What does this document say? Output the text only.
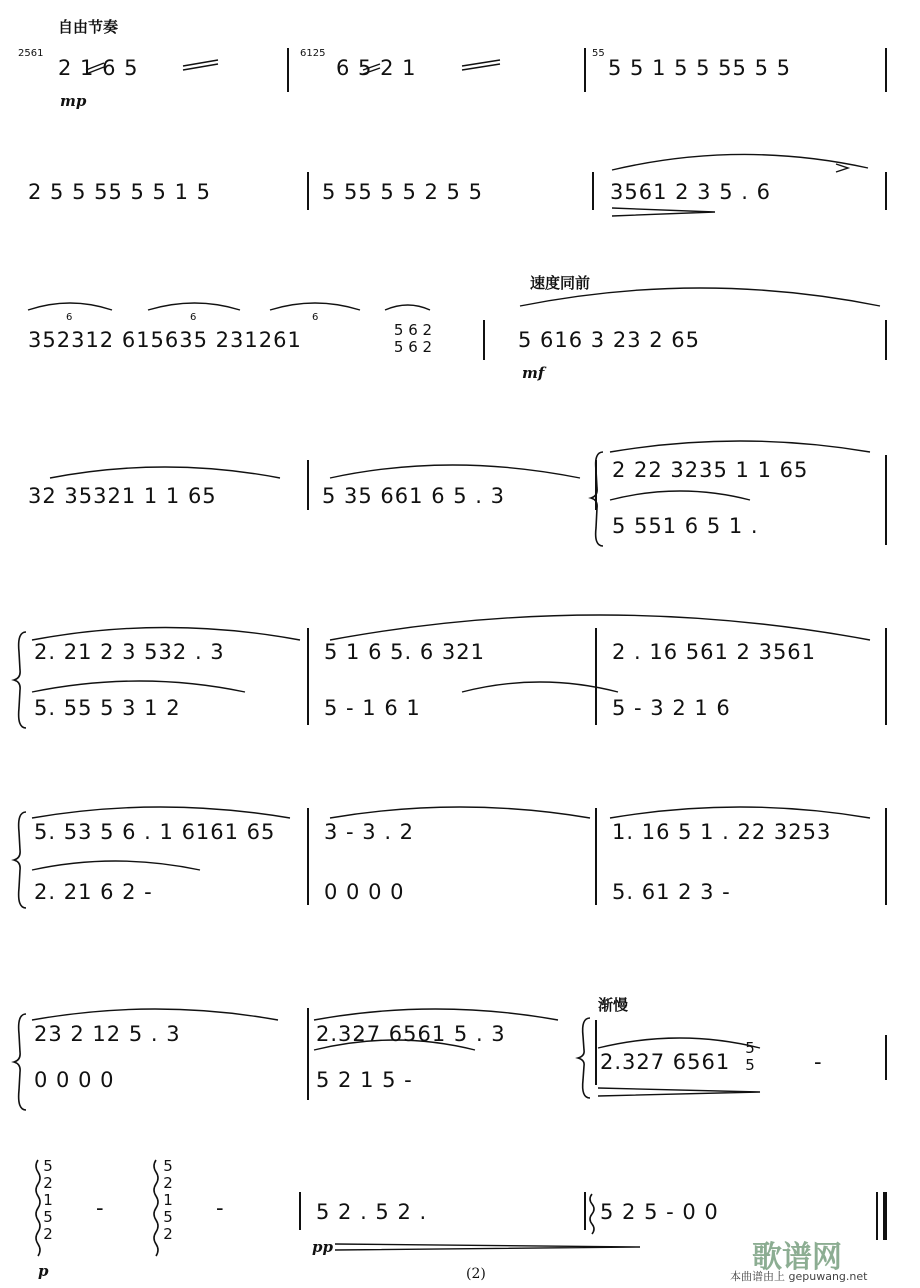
自由节奏
mp
速度同前
mf
渐慢
p
pp
2561
2 1 6 5
6125
6 5 2 1
55
5 5 1 5 5 55 5 5
2 5 5 55 5 5 1 5	5 55 5 5 2 5 5	3561 2 3 5 . 6
6	6	6
352312 615635 231261	5 6 2
5 6 2	5 616 3 23 2 65
32 35321 1 1 65	5 35 661 6 5 . 3
2 22 3235 1 1 65
5 551 6 5 1 .
2. 21 2 3 532 . 3
5. 55 5 3 1 2
5 1 6 5. 6 321
5 - 1 6 1
2 . 16 561 2 3561
5 - 3 2 1 6
5. 53 5 6 . 1 6161 65
2. 21 6 2 -
3 - 3 . 2
0 0 0 0
1. 16 5 1 . 22 3253
5. 61 2 3 -
23 2 12 5 . 3
0 0 0 0
2.327 6561 5 . 3
5 2 1 5 -
2.327 6561
5
5	-
5
2
1
5
2
-
5
2
1
5
2
-	5 2 . 5 2 .	5 2 5 - 0 0
(2)	歌谱网
本曲谱由上 gepuwang.net
